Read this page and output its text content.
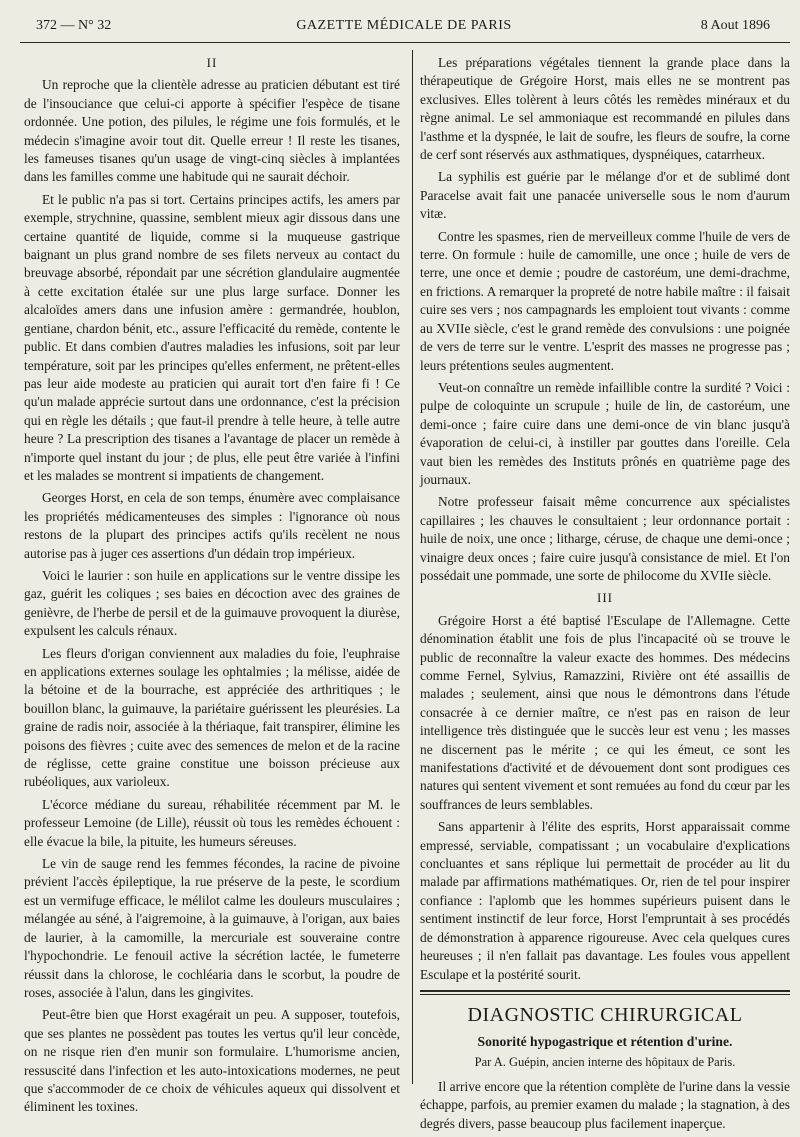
372 — N° 32	GAZETTE MÉDICALE DE PARIS	8 Aout 1896
II

Un reproche que la clientèle adresse au praticien débutant est tiré de l'insouciance que celui-ci apporte à spécifier l'espèce de tisane ordonnée. Une potion, des pilules, le régime une fois formulés, et le médecin s'imagine avoir tout dit. Quelle erreur ! Il reste les tisanes, les fameuses tisanes qu'un usage de vingt-cinq siècles à implantées dans les familles comme une habitude qui ne saurait déchoir.

Et le public n'a pas si tort. Certains principes actifs, les amers par exemple, strychnine, quassine, semblent mieux agir dissous dans une certaine quantité de liquide, comme si la muqueuse gastrique baignant un plus grand nombre de ses filets nerveux au contact du breuvage absorbé, répondait par une sécrétion glandulaire augmentée à cette excitation étalée sur une plus large surface. Donner les alcaloïdes amers dans une infusion amère : germandrée, houblon, gentiane, chardon bénit, etc., assure l'efficacité du remède, contente le public. Et dans combien d'autres maladies les infusions, soit par leur température, soit par les principes qu'elles enferment, ne prêtent-elles pas leur aide modeste au praticien qui aurait tort d'en faire fi ! Ce qu'un malade apprécie surtout dans une ordonnance, c'est la précision qui en règle les détails ; que faut-il prendre à telle heure, à telle autre heure ? La prescription des tisanes a l'avantage de placer un remède à n'importe quel instant du jour ; de plus, elle peut être variée à l'infini et les malades se montrent si impatients de changement.

Georges Horst, en cela de son temps, énumère avec complaisance les propriétés médicamenteuses des simples : l'ignorance où nous restons de la plupart des principes actifs qu'ils recèlent ne nous autorise pas à juger ces assertions d'un dédain trop impérieux.

Voici le laurier : son huile en applications sur le ventre dissipe les gaz, guérit les coliques ; ses baies en décoction avec des graines de genièvre, de l'herbe de persil et de la guimauve provoquent la diurèse, expulsent les calculs rénaux.

Les fleurs d'origan conviennent aux maladies du foie, l'euphraise en applications externes soulage les ophtalmies ; la mélisse, aidée de la bétoine et de la bourrache, est appréciée des arthritiques ; le bouillon blanc, la guimauve, la pariétaire guérissent les pleurésies. La graine de radis noir, associée à la thériaque, fait transpirer, élimine les poisons des fièvres ; cuite avec des semences de melon et de la racine de réglisse, cette graine constitue une boisson précieuse aux rubéoliques, aux varioleux.

L'écorce médiane du sureau, réhabilitée récemment par M. le professeur Lemoine (de Lille), réussit où tous les remèdes échouent : elle évacue la bile, la pituite, les humeurs séreuses.

Le vin de sauge rend les femmes fécondes, la racine de pivoine prévient l'accès épileptique, la rue préserve de la peste, le scordium est un vermifuge efficace, le mélilot calme les douleurs musculaires ; mélangée au séné, à l'aigremoine, à la guimauve, à l'origan, aux baies de laurier, à la camomille, la mercuriale est souveraine contre l'hypochondrie. Le fenouil active la sécrétion lactée, le fumeterre réussit dans la chlorose, le cochléaria dans le scorbut, la poudre de roses, associée à l'alun, dans les gingivites.

Peut-être bien que Horst exagérait un peu. A supposer, toutefois, que ses plantes ne possèdent pas toutes les vertus qu'il leur concède, on ne risque rien d'en munir son formulaire. L'humorisme ancien, ressuscité dans l'infection et les auto-intoxications modernes, ne peut que s'accommoder de ce choix de véhicules aqueux qui dissolvent et éliminent les toxines.

Les préparations végétales tiennent la grande place dans la thérapeutique de Grégoire Horst, mais elles ne se montrent pas exclusives. Elles tolèrent à leurs côtés les remèdes minéraux et du règne animal. Le sel ammoniaque est recommandé en pilules dans l'asthme et la dyspnée, le lait de soufre, les fleurs de soufre, la corne de cerf sont réservés aux asthmatiques, dyspnéiques, catarrheux.

La syphilis est guérie par le mélange d'or et de sublimé dont Paracelse avait fait une panacée universelle sous le nom d'aurum vitæ.

Contre les spasmes, rien de merveilleux comme l'huile de vers de terre. On formule : huile de camomille, une once ; huile de vers de terre, une once et demie ; poudre de castoréum, une demi-drachme, en frictions. A remarquer la propreté de notre habile maître : il faisait cuire ses vers ; nos campagnards les emploient tout vivants : comme au XVIIe siècle, c'est le grand remède des convulsions : une poignée de vers de terre sur le ventre. L'esprit des masses ne progresse pas ; leurs prétentions seules augmentent.

Veut-on connaître un remède infaillible contre la surdité ? Voici : pulpe de coloquinte un scrupule ; huile de lin, de castoréum, une demi-once ; faire cuire dans une demi-once de vin blanc jusqu'à évaporation de celui-ci, à instiller par gouttes dans l'oreille. Cela vaut bien les remèdes des Instituts prônés en quatrième page des journaux.

Notre professeur faisait même concurrence aux spécialistes capillaires ; les chauves le consultaient ; leur ordonnance portait : huile de noix, une once ; litharge, céruse, de chaque une demi-once ; vinaigre deux onces ; faire cuire jusqu'à consistance de miel. Et l'on possédait une pommade, une sorte de philocome du XVIIe siècle.

III

Grégoire Horst a été baptisé l'Esculape de l'Allemagne. Cette dénomination établit une fois de plus l'incapacité où se trouve le public de reconnaître la valeur exacte des hommes. Des médecins comme Fernel, Sylvius, Ramazzini, Rivière ont été assaillis de malades ; seulement, ainsi que nous le démontrons dans l'étude consacrée à ce dernier maître, ce n'est pas en raison de leur intelligence très distinguée que le succès leur est venu ; les masses ne discernent pas le mérite ; ce qui les émeut, ce sont les manifestations d'activité et de dévouement dont sont prodigues ces natures qui sentent vivement et sont remuées au fond du cœur par les souffrances de leurs semblables.

Sans appartenir à l'élite des esprits, Horst apparaissait comme empressé, serviable, compatissant ; un vocabulaire d'explications concluantes et sans réplique lui permettait de procéder au lit du malade par affirmations mathématiques. Or, rien de tel pour inspirer confiance : l'aplomb que les hommes supérieurs puisent dans le sentiment instinctif de leur force, Horst l'empruntait à ses procédés de démonstration à apparence rigoureuse. Avec cela quelques cures heureuses ; il n'en fallait pas davantage. Les foules vous appellent Esculape et la postérité sourit.

DIAGNOSTIC CHIRURGICAL
Sonorité hypogastrique et rétention d'urine.
Par A. Guépin, ancien interne des hôpitaux de Paris.

Il arrive encore que la rétention complète de l'urine dans la vessie échappe, parfois, au premier examen du malade ; la stagnation, à des degrés divers, passe beaucoup plus facilement inaperçue.
